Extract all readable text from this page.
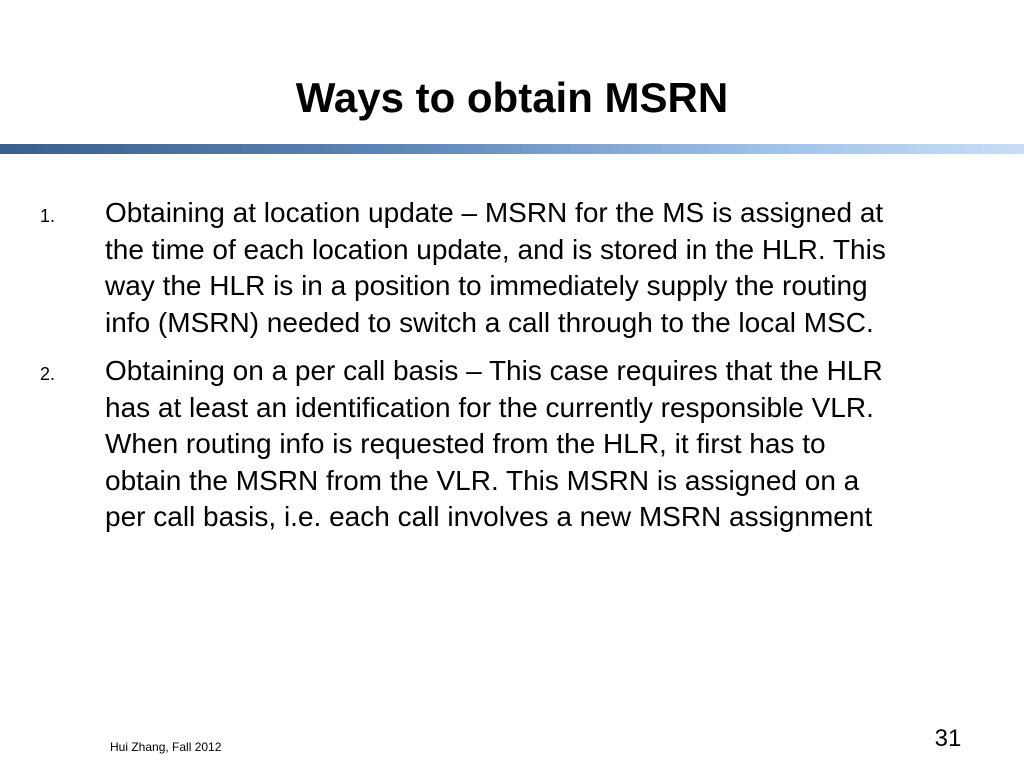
Ways to obtain MSRN
1. Obtaining at location update – MSRN for the MS is assigned at the time of each location update, and is stored in the HLR. This way the HLR is in a position to immediately supply the routing info (MSRN) needed to switch a call through to the local MSC.
2. Obtaining on a per call basis – This case requires that the HLR has at least an identification for the currently responsible VLR. When routing info is requested from the HLR, it first has to obtain the MSRN from the VLR. This MSRN is assigned on a per call basis, i.e. each call involves a new MSRN assignment
Hui Zhang, Fall 2012	31
